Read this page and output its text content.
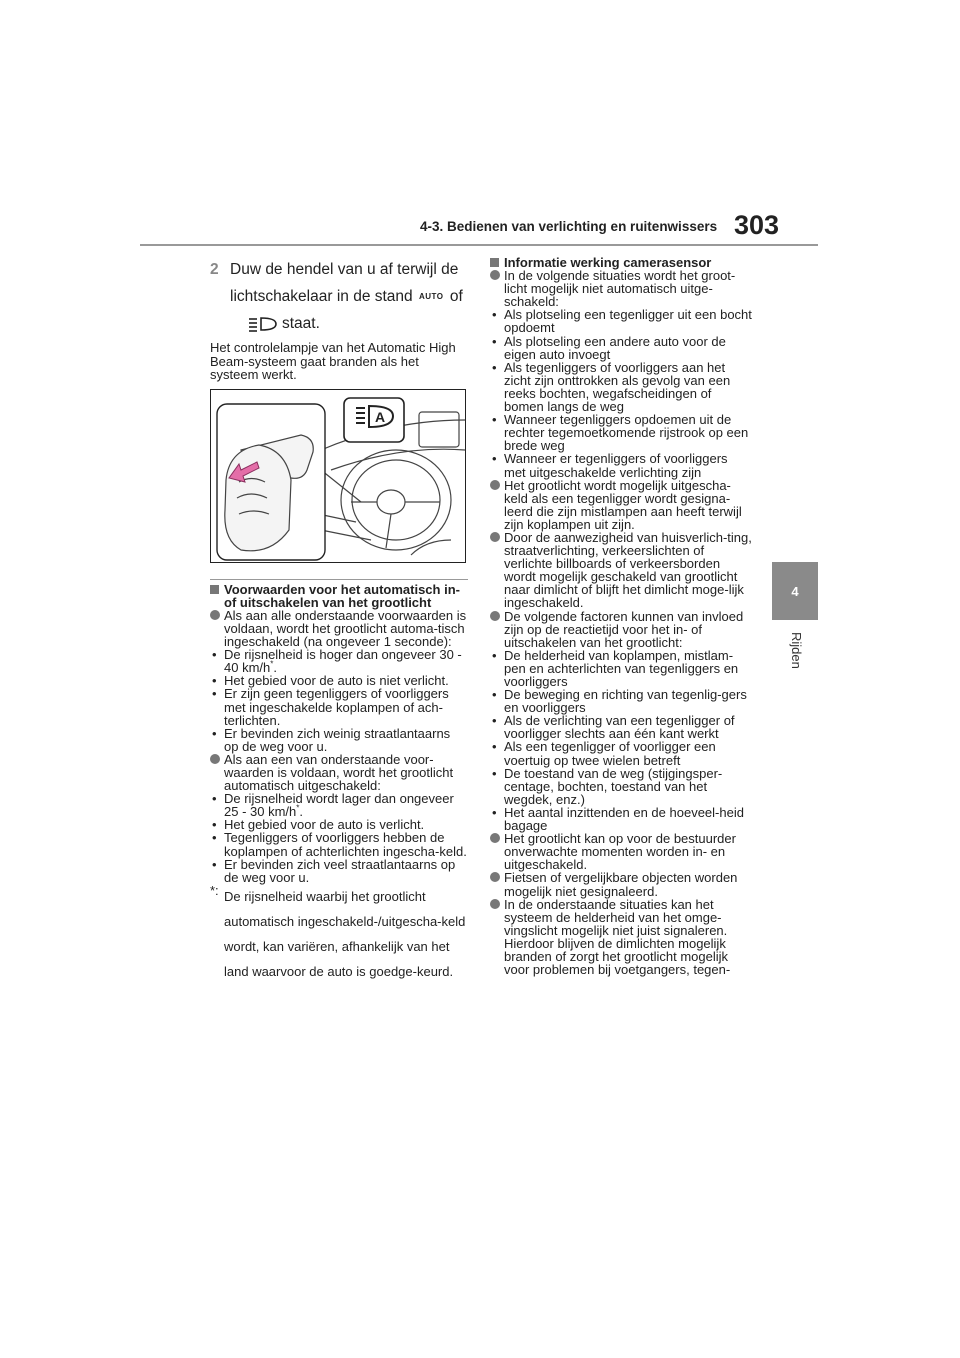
4-3. Bedienen van verlichting en ruitenwissers 303
4
Rijden
2 Duw de hendel van u af terwijl de lichtschakelaar in de stand AUTO of
staat.
Het controlelampje van het Automatic High Beam-systeem gaat branden als het systeem werkt.
A
Voorwaarden voor het automatisch in- of uitschakelen van het grootlicht
Als aan alle onderstaande voorwaarden is voldaan, wordt het grootlicht automa-tisch ingeschakeld (na ongeveer 1 seconde):
• De rijsnelheid is hoger dan ongeveer 30 - 40 km/h*.
• Het gebied voor de auto is niet verlicht.
• Er zijn geen tegenliggers of voorliggers met ingeschakelde koplampen of ach-terlichten.
• Er bevinden zich weinig straatlantaarns op de weg voor u.
Als aan een van onderstaande voor-waarden is voldaan, wordt het grootlicht automatisch uitgeschakeld:
• De rijsnelheid wordt lager dan ongeveer 25 - 30 km/h*.
• Het gebied voor de auto is verlicht.
• Tegenliggers of voorliggers hebben de koplampen of achterlichten ingescha-keld.
• Er bevinden zich veel straatlantaarns op de weg voor u.
*: De rijsnelheid waarbij het grootlicht automatisch ingeschakeld-/uitgescha-keld wordt, kan variëren, afhankelijk van het land waarvoor de auto is goedge-keurd.
Informatie werking camerasensor
In de volgende situaties wordt het groot-licht mogelijk niet automatisch uitge-schakeld:
• Als plotseling een tegenligger uit een bocht opdoemt
• Als plotseling een andere auto voor de eigen auto invoegt
• Als tegenliggers of voorliggers aan het zicht zijn onttrokken als gevolg van een reeks bochten, wegafscheidingen of bomen langs de weg
• Wanneer tegenliggers opdoemen uit de rechter tegemoetkomende rijstrook op een brede weg
• Wanneer er tegenliggers of voorliggers met uitgeschakelde verlichting zijn
Het grootlicht wordt mogelijk uitgescha-keld als een tegenligger wordt gesigna-leerd die zijn mistlampen aan heeft terwijl zijn koplampen uit zijn.
Door de aanwezigheid van huisverlich-ting, straatverlichting, verkeerslichten of verlichte billboards of verkeersborden wordt mogelijk geschakeld van grootlicht naar dimlicht of blijft het dimlicht moge-lijk ingeschakeld.
De volgende factoren kunnen van invloed zijn op de reactietijd voor het in- of uitschakelen van het grootlicht:
• De helderheid van koplampen, mistlam-pen en achterlichten van tegenliggers en voorliggers
• De beweging en richting van tegenlig-gers en voorliggers
• Als de verlichting van een tegenligger of voorligger slechts aan één kant werkt
• Als een tegenligger of voorligger een voertuig op twee wielen betreft
• De toestand van de weg (stijgingsper-centage, bochten, toestand van het wegdek, enz.)
• Het aantal inzittenden en de hoeveel-heid bagage
Het grootlicht kan op voor de bestuurder onverwachte momenten worden in- en uitgeschakeld.
Fietsen of vergelijkbare objecten worden mogelijk niet gesignaleerd.
In de onderstaande situaties kan het systeem de helderheid van het omge-vingslicht mogelijk niet juist signaleren. Hierdoor blijven de dimlichten mogelijk branden of zorgt het grootlicht mogelijk voor problemen bij voetgangers, tegen-
